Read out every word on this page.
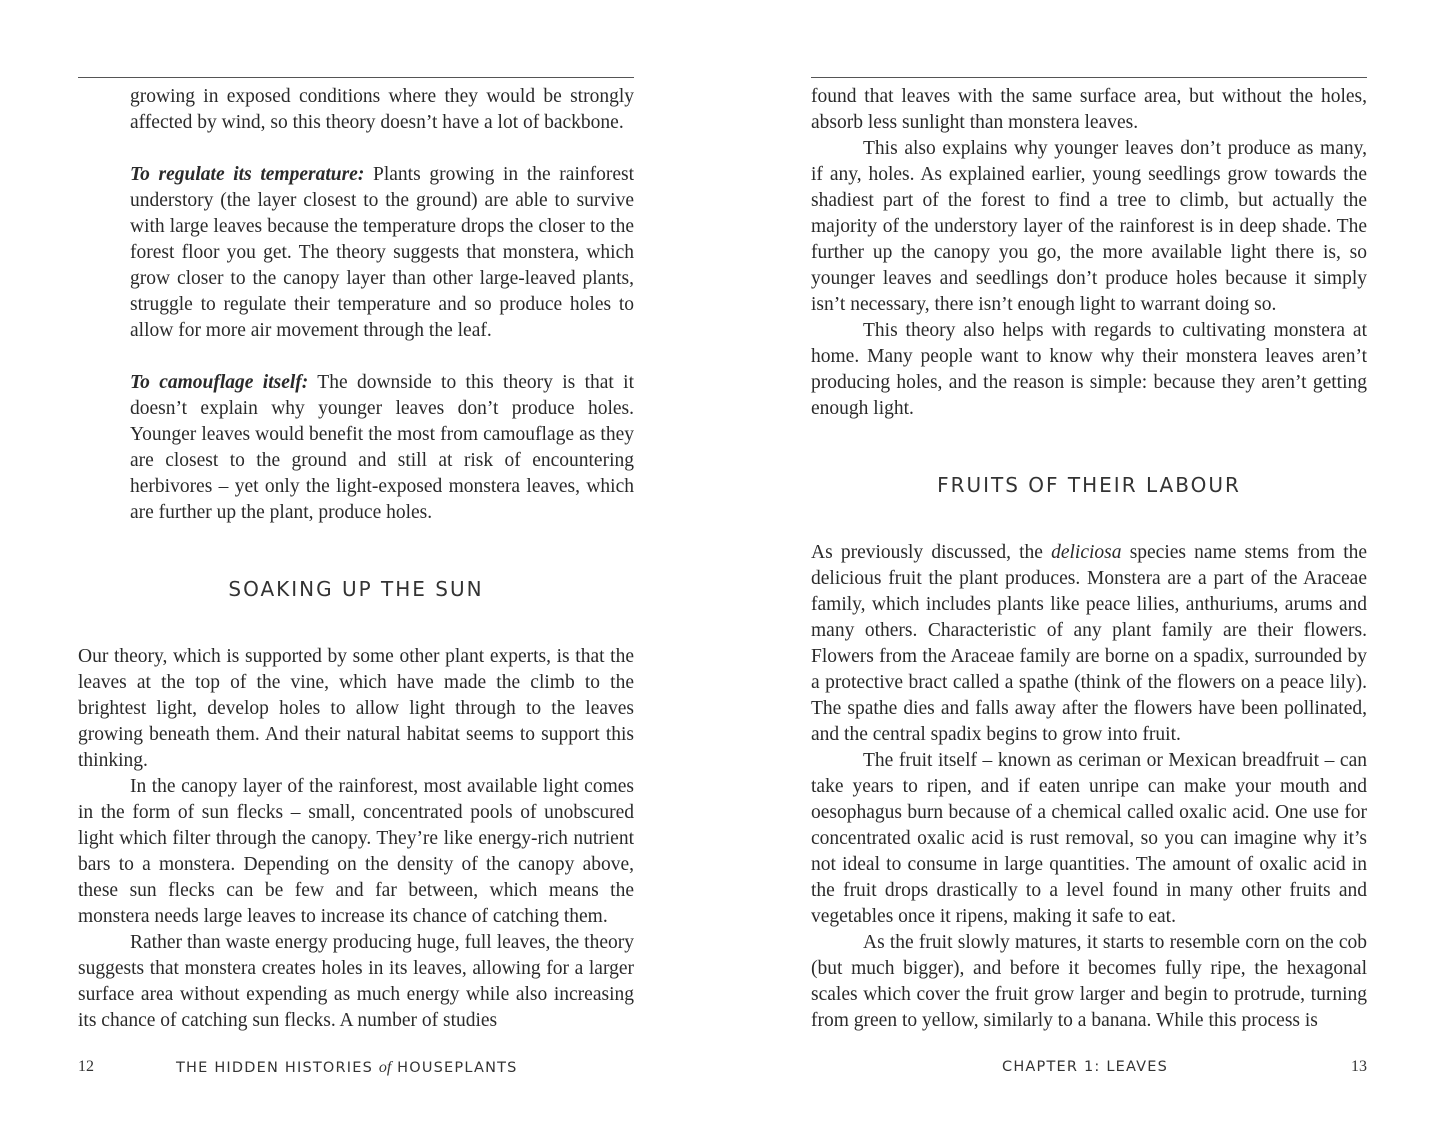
growing in exposed conditions where they would be strongly affected by wind, so this theory doesn’t have a lot of backbone.

To regulate its temperature: Plants growing in the rainforest understory (the layer closest to the ground) are able to survive with large leaves because the temperature drops the closer to the forest floor you get. The theory suggests that monstera, which grow closer to the canopy layer than other large-leaved plants, struggle to regulate their temperature and so produce holes to allow for more air movement through the leaf.

To camouflage itself: The downside to this theory is that it doesn’t explain why younger leaves don’t produce holes. Younger leaves would benefit the most from camouflage as they are closest to the ground and still at risk of encountering herbivores – yet only the light-exposed monstera leaves, which are further up the plant, produce holes.

SOAKING UP THE SUN

Our theory, which is supported by some other plant experts, is that the leaves at the top of the vine, which have made the climb to the brightest light, develop holes to allow light through to the leaves growing beneath them. And their natural habitat seems to support this thinking.

In the canopy layer of the rainforest, most available light comes in the form of sun flecks – small, concentrated pools of unobscured light which filter through the canopy. They’re like energy-rich nutrient bars to a monstera. Depending on the density of the canopy above, these sun flecks can be few and far between, which means the monstera needs large leaves to increase its chance of catching them.

Rather than waste energy producing huge, full leaves, the theory suggests that monstera creates holes in its leaves, allowing for a larger surface area without expending as much energy while also increasing its chance of catching sun flecks. A number of studies

12	THE HIDDEN HISTORIES of HOUSEPLANTS

found that leaves with the same surface area, but without the holes, absorb less sunlight than monstera leaves.

This also explains why younger leaves don’t produce as many, if any, holes. As explained earlier, young seedlings grow towards the shadiest part of the forest to find a tree to climb, but actually the majority of the understory layer of the rainforest is in deep shade. The further up the canopy you go, the more available light there is, so younger leaves and seedlings don’t produce holes because it simply isn’t necessary, there isn’t enough light to warrant doing so.

This theory also helps with regards to cultivating monstera at home. Many people want to know why their monstera leaves aren’t producing holes, and the reason is simple: because they aren’t getting enough light.

FRUITS OF THEIR LABOUR

As previously discussed, the deliciosa species name stems from the delicious fruit the plant produces. Monstera are a part of the Araceae family, which includes plants like peace lilies, anthuriums, arums and many others. Characteristic of any plant family are their flowers. Flowers from the Araceae family are borne on a spadix, surrounded by a protective bract called a spathe (think of the flowers on a peace lily). The spathe dies and falls away after the flowers have been pollinated, and the central spadix begins to grow into fruit.

The fruit itself – known as ceriman or Mexican breadfruit – can take years to ripen, and if eaten unripe can make your mouth and oesophagus burn because of a chemical called oxalic acid. One use for concentrated oxalic acid is rust removal, so you can imagine why it’s not ideal to consume in large quantities. The amount of oxalic acid in the fruit drops drastically to a level found in many other fruits and vegetables once it ripens, making it safe to eat.

As the fruit slowly matures, it starts to resemble corn on the cob (but much bigger), and before it becomes fully ripe, the hexagonal scales which cover the fruit grow larger and begin to protrude, turning from green to yellow, similarly to a banana. While this process is

CHAPTER 1: LEAVES	13
